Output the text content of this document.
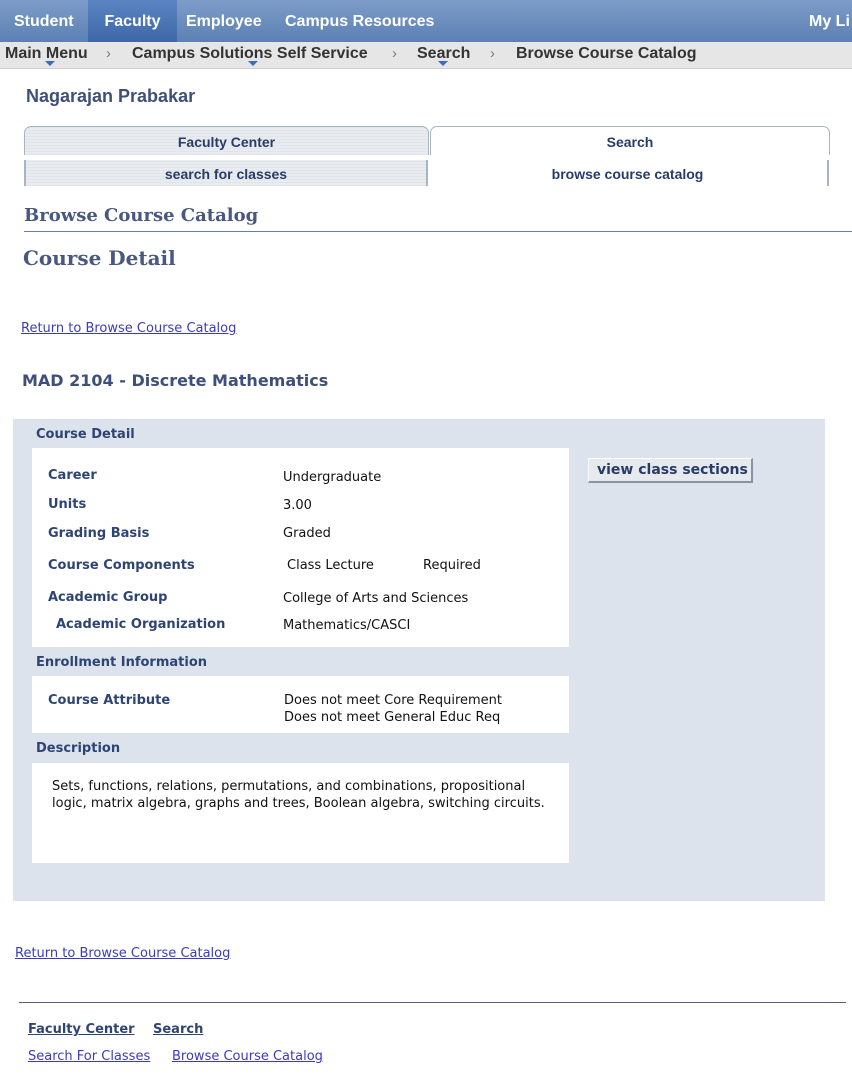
Student	Faculty	Employee Campus Resources	My Li
Main Menu › Campus Solutions Self Service › Search › Browse Course Catalog
Nagarajan Prabakar
Faculty Center	Search
search for classes	browse course catalog
Browse Course Catalog
Course Detail
Return to Browse Course Catalog
MAD 2104 - Discrete Mathematics
Course Detail
Career	Undergraduate
Units	3.00
Grading Basis	Graded
Course Components	Class Lecture	Required
Academic Group	College of Arts and Sciences
Academic Organization	Mathematics/CASCI
view class sections
Enrollment Information
Course Attribute	Does not meet Core Requirement
Does not meet General Educ Req
Description
Sets, functions, relations, permutations, and combinations, propositional
logic, matrix algebra, graphs and trees, Boolean algebra, switching circuits.
Return to Browse Course Catalog
Faculty Center Search
Search For Classes Browse Course Catalog
